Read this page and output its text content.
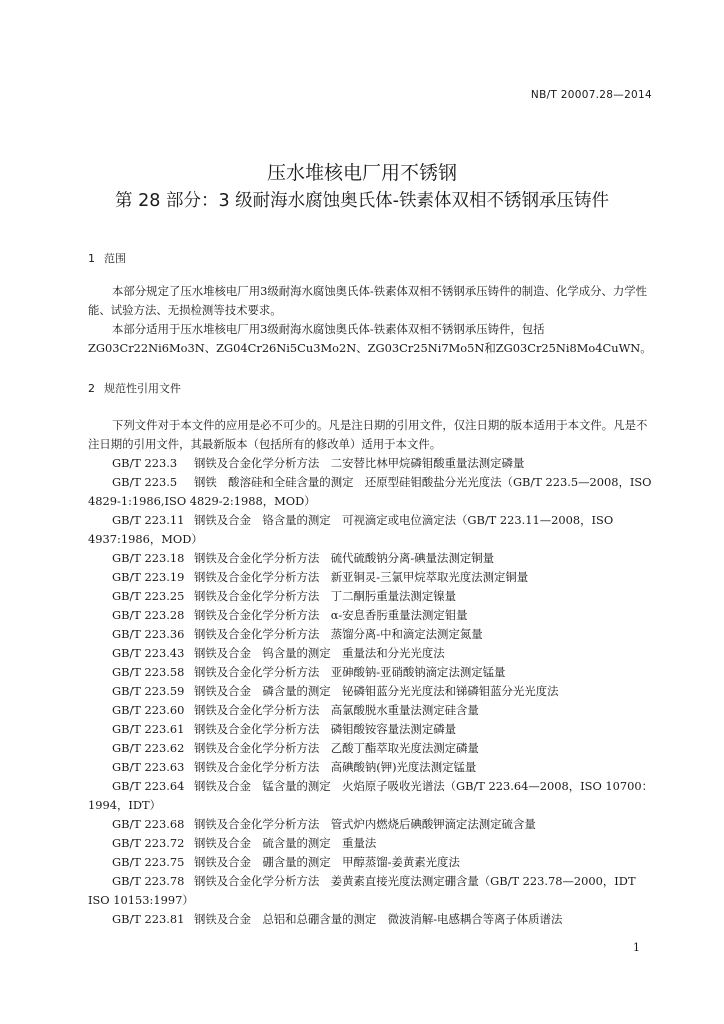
NB/T 20007.28—2014
压水堆核电厂用不锈钢
第 28 部分：3 级耐海水腐蚀奥氏体-铁素体双相不锈钢承压铸件
1 范围

本部分规定了压水堆核电厂用3级耐海水腐蚀奥氏体-铁素体双相不锈钢承压铸件的制造、化学成分、力学性能、试验方法、无损检测等技术要求。

本部分适用于压水堆核电厂用3级耐海水腐蚀奥氏体-铁素体双相不锈钢承压铸件，包括ZG03Cr22Ni6Mo3N、ZG04Cr26Ni5Cu3Mo2N、ZG03Cr25Ni7Mo5N和ZG03Cr25Ni8Mo4CuWN。

2 规范性引用文件

下列文件对于本文件的应用是必不可少的。凡是注日期的引用文件，仅注日期的版本适用于本文件。凡是不注日期的引用文件，其最新版本（包括所有的修改单）适用于本文件。

GB/T 223.3 钢铁及合金化学分析方法　二安替比林甲烷磷钼酸重量法测定磷量
GB/T 223.5 钢铁　酸溶硅和全硅含量的测定　还原型硅钼酸盐分光光度法（GB/T 223.5—2008，ISO 4829-1:1986,ISO 4829-2:1988，MOD）
GB/T 223.11 钢铁及合金　铬含量的测定　可视滴定或电位滴定法（GB/T 223.11—2008，ISO 4937:1986，MOD）
GB/T 223.18 钢铁及合金化学分析方法　硫代硫酸钠分离-碘量法测定铜量
GB/T 223.19 钢铁及合金化学分析方法　新亚铜灵-三氯甲烷萃取光度法测定铜量
GB/T 223.25 钢铁及合金化学分析方法　丁二酮肟重量法测定镍量
GB/T 223.28 钢铁及合金化学分析方法　α-安息香肟重量法测定钼量
GB/T 223.36 钢铁及合金化学分析方法　蒸馏分离-中和滴定法测定氮量
GB/T 223.43 钢铁及合金　钨含量的测定　重量法和分光光度法
GB/T 223.58 钢铁及合金化学分析方法　亚砷酸钠-亚硝酸钠滴定法测定锰量
GB/T 223.59 钢铁及合金　磷含量的测定　铋磷钼蓝分光光度法和锑磷钼蓝分光光度法
GB/T 223.60 钢铁及合金化学分析方法　高氯酸脱水重量法测定硅含量
GB/T 223.61 钢铁及合金化学分析方法　磷钼酸铵容量法测定磷量
GB/T 223.62 钢铁及合金化学分析方法　乙酸丁酯萃取光度法测定磷量
GB/T 223.63 钢铁及合金化学分析方法　高碘酸钠(钾)光度法测定锰量
GB/T 223.64 钢铁及合金　锰含量的测定　火焰原子吸收光谱法（GB/T 223.64—2008，ISO 10700：1994，IDT）
GB/T 223.68 钢铁及合金化学分析方法　管式炉内燃烧后碘酸钾滴定法测定硫含量
GB/T 223.72 钢铁及合金　硫含量的测定　重量法
GB/T 223.75 钢铁及合金　硼含量的测定　甲醇蒸馏-姜黄素光度法
GB/T 223.78 钢铁及合金化学分析方法　姜黄素直接光度法测定硼含量（GB/T 223.78—2000，IDT ISO 10153:1997）
GB/T 223.81 钢铁及合金　总铝和总硼含量的测定　微波消解-电感耦合等离子体质谱法
1
